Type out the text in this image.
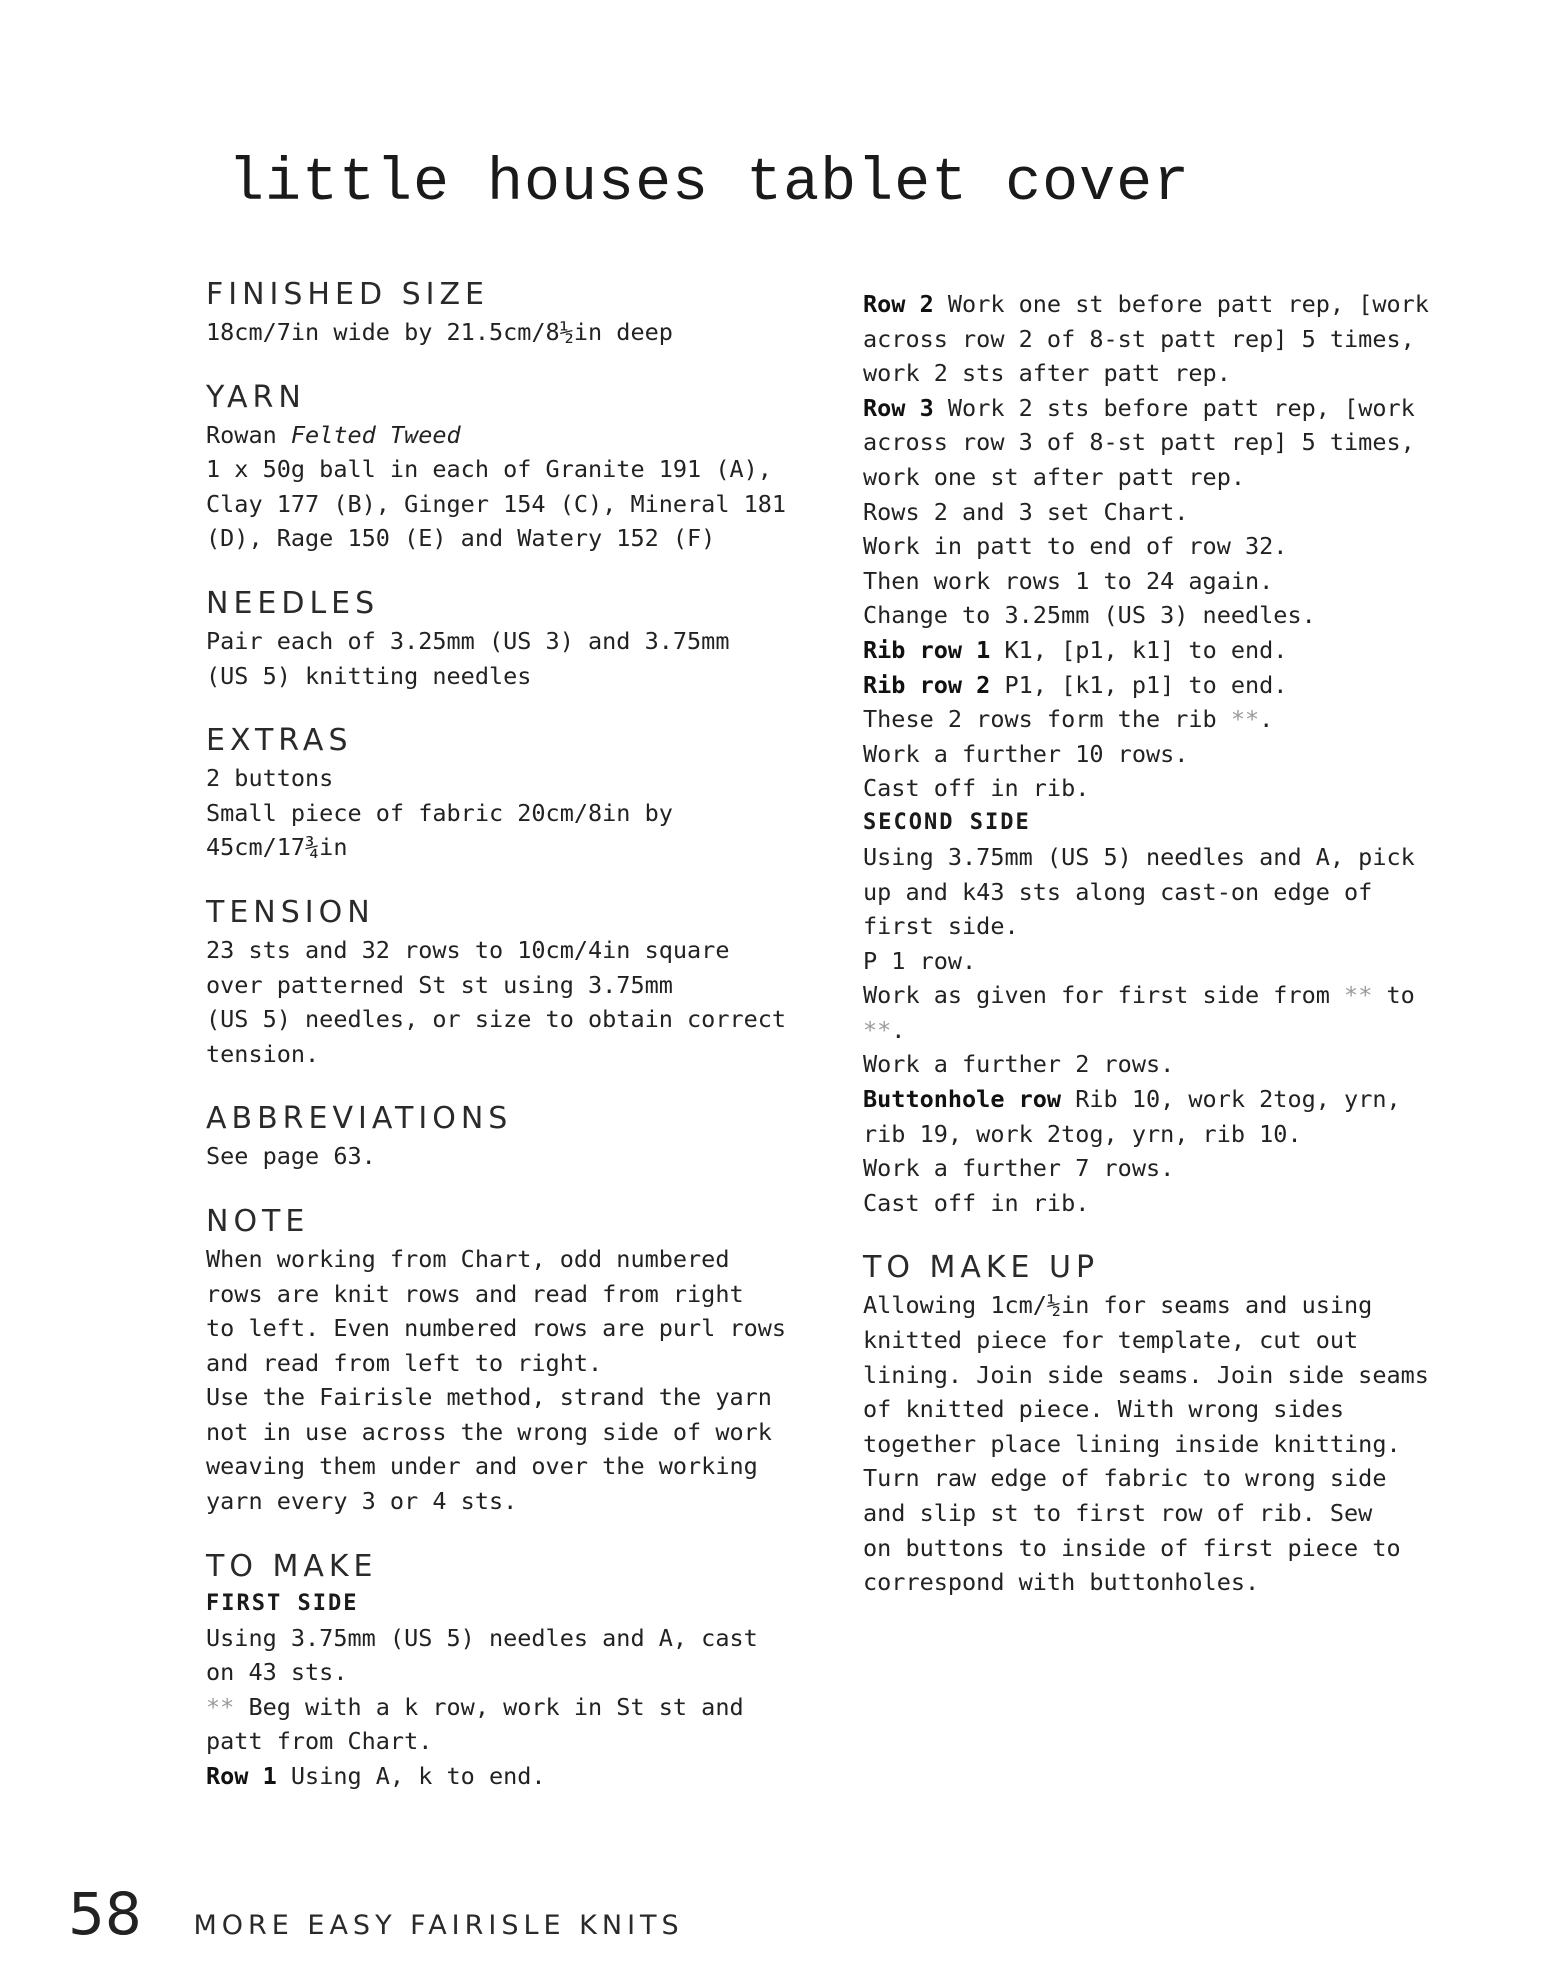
little houses tablet cover
FINISHED SIZE
18cm/7in wide by 21.5cm/8½in deep
YARN
Rowan Felted Tweed
1 x 50g ball in each of Granite 191 (A),
Clay 177 (B), Ginger 154 (C), Mineral 181
(D), Rage 150 (E) and Watery 152 (F)
NEEDLES
Pair each of 3.25mm (US 3) and 3.75mm
(US 5) knitting needles
EXTRAS
2 buttons
Small piece of fabric 20cm/8in by
45cm/17¾in
TENSION
23 sts and 32 rows to 10cm/4in square
over patterned St st using 3.75mm
(US 5) needles, or size to obtain correct
tension.
ABBREVIATIONS
See page 63.
NOTE
When working from Chart, odd numbered
rows are knit rows and read from right
to left. Even numbered rows are purl rows
and read from left to right.
Use the Fairisle method, strand the yarn
not in use across the wrong side of work
weaving them under and over the working
yarn every 3 or 4 sts.
TO MAKE
FIRST SIDE
Using 3.75mm (US 5) needles and A, cast
on 43 sts.
** Beg with a k row, work in St st and
patt from Chart.
Row 1 Using A, k to end.
Row 2 Work one st before patt rep, [work
across row 2 of 8-st patt rep] 5 times,
work 2 sts after patt rep.
Row 3 Work 2 sts before patt rep, [work
across row 3 of 8-st patt rep] 5 times,
work one st after patt rep.
Rows 2 and 3 set Chart.
Work in patt to end of row 32.
Then work rows 1 to 24 again.
Change to 3.25mm (US 3) needles.
Rib row 1 K1, [p1, k1] to end.
Rib row 2 P1, [k1, p1] to end.
These 2 rows form the rib **.
Work a further 10 rows.
Cast off in rib.
SECOND SIDE
Using 3.75mm (US 5) needles and A, pick
up and k43 sts along cast-on edge of
first side.
P 1 row.
Work as given for first side from ** to
**.
Work a further 2 rows.
Buttonhole row Rib 10, work 2tog, yrn,
rib 19, work 2tog, yrn, rib 10.
Work a further 7 rows.
Cast off in rib.
TO MAKE UP
Allowing 1cm/½in for seams and using
knitted piece for template, cut out
lining. Join side seams. Join side seams
of knitted piece. With wrong sides
together place lining inside knitting.
Turn raw edge of fabric to wrong side
and slip st to first row of rib. Sew
on buttons to inside of first piece to
correspond with buttonholes.
58 MORE EASY FAIRISLE KNITS
